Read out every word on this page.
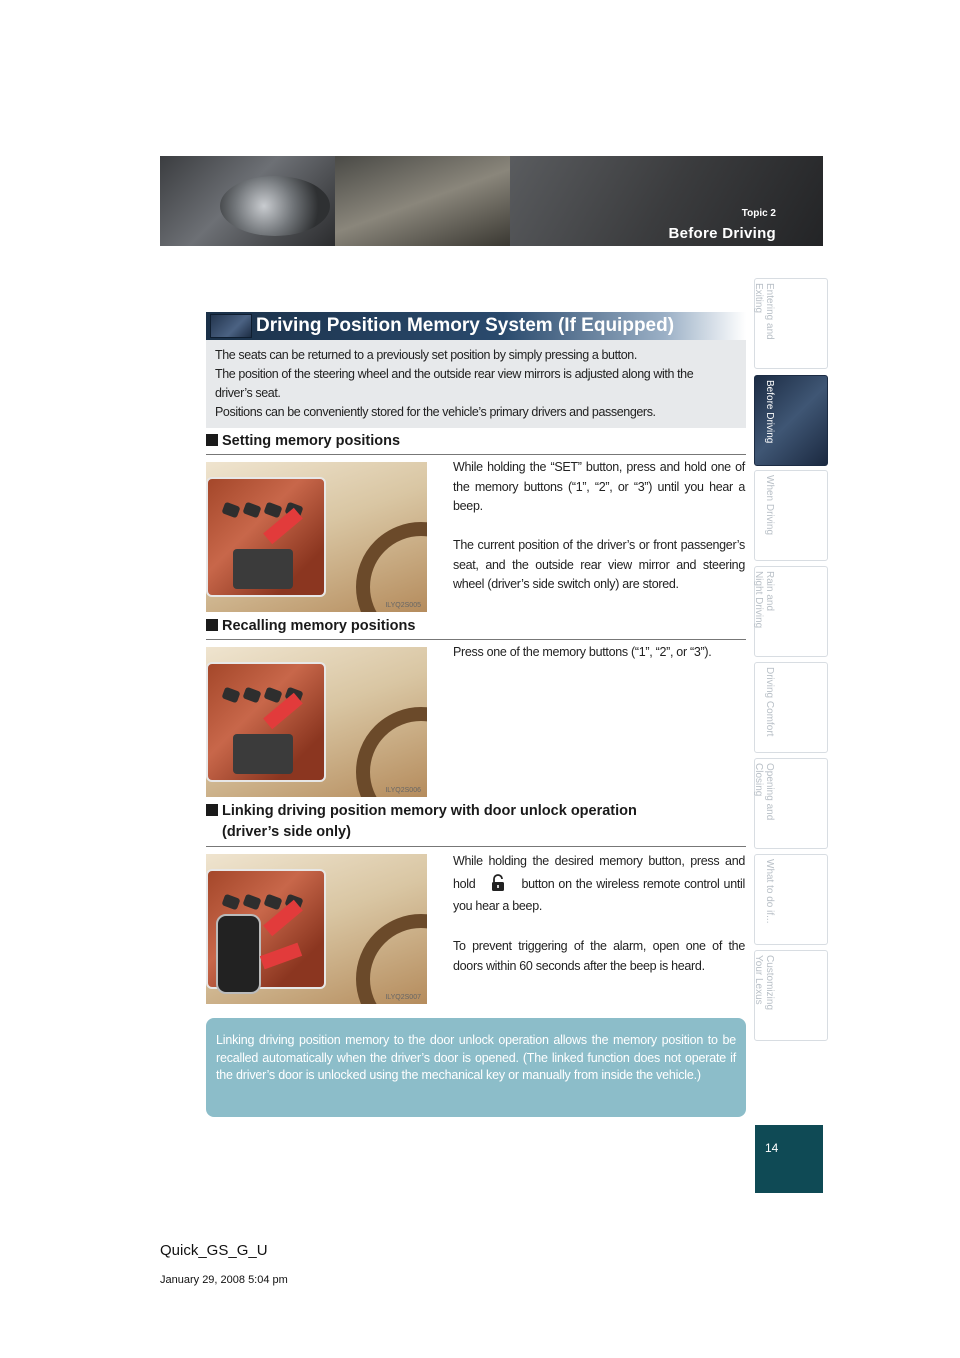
Topic 2
Before Driving
Entering and Exiting
Before Driving
When Driving
Rain and
Night Driving
Driving Comfort
Opening and Closing
What to do if...
Customizing
Your Lexus
14
Driving Position Memory System (If Equipped)
The seats can be returned to a previously set position by simply pressing a button.
The position of the steering wheel and the outside rear view mirrors is adjusted along with the
driver’s seat.
Positions can be conveniently stored for the vehicle’s primary drivers and passengers.
Setting memory positions
ILYQ2S005

While holding the “SET” button, press and hold one of the memory buttons (“1”, “2”, or “3”) until you hear a beep.

The current position of the driver’s or front passenger’s seat, and the outside rear view mirror and steering wheel (driver’s side switch only) are stored.

Recalling memory positions
ILYQ2S006

Press one of the memory buttons (“1”, “2”, or “3”).

Linking driving position memory with door unlock operation
(driver’s side only)
ILYQ2S007

While holding the desired memory button, press and hold	button on the wireless remote control until you hear a beep.

To prevent triggering of the alarm, open one of the doors within 60 seconds after the beep is heard.

Linking driving position memory to the door unlock operation allows the memory position to be recalled automatically when the driver’s door is opened. (The linked function does not operate if the driver’s door is unlocked using the mechanical key or manually from inside the vehicle.)

Quick_GS_G_U
January 29, 2008 5:04 pm
